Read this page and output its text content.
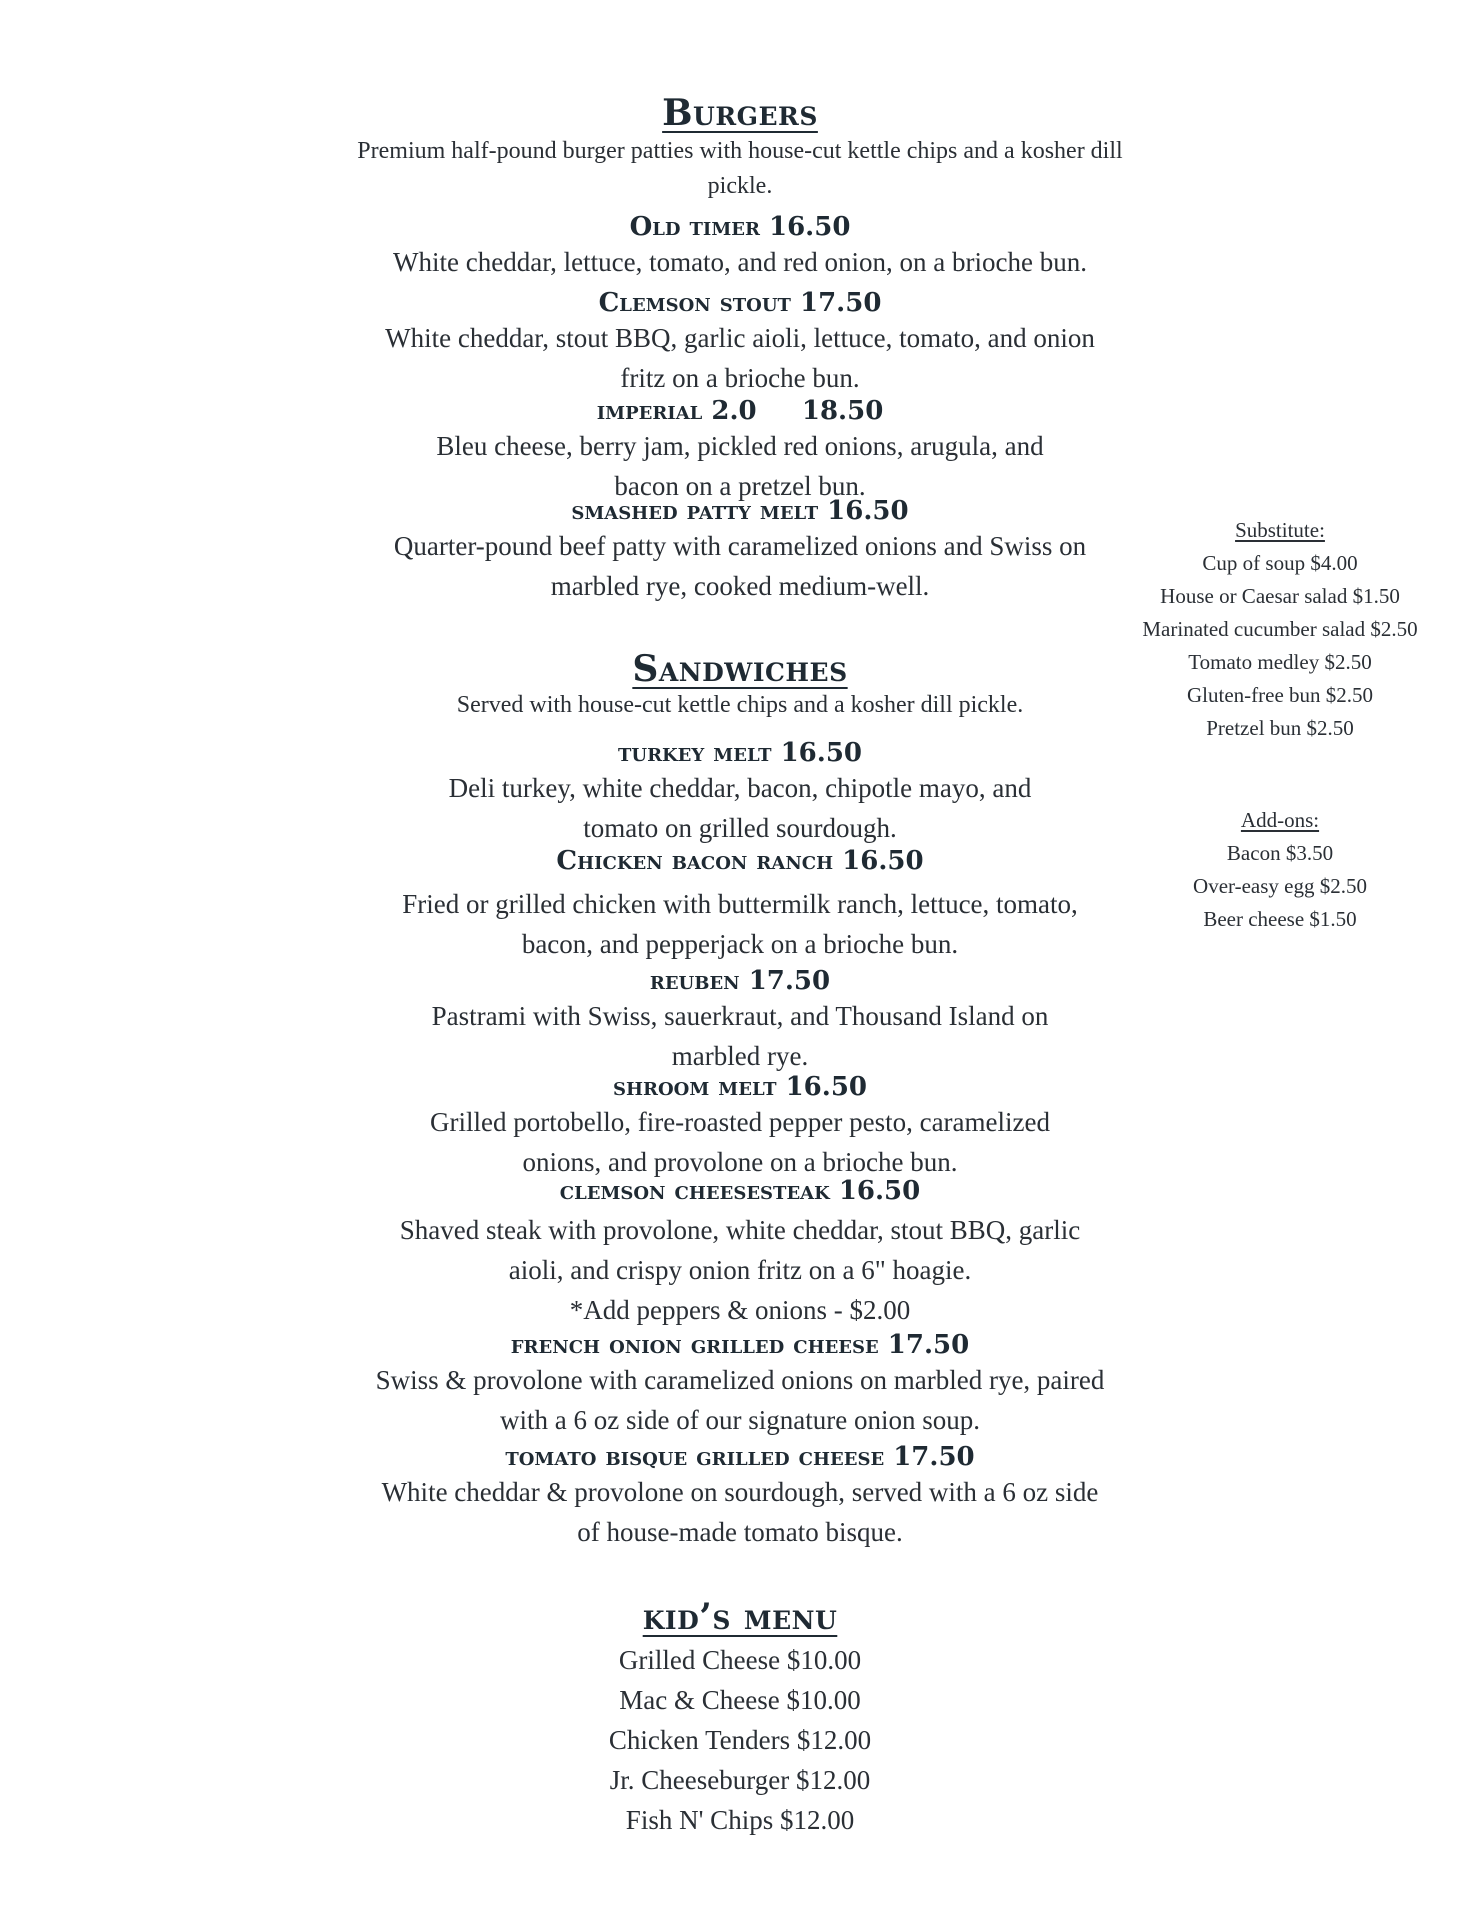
Burgers
Premium half-pound burger patties with house-cut kettle chips and a kosher dill pickle.
Old timer 16.50
White cheddar, lettuce, tomato, and red onion, on a brioche bun.
Clemson stout 17.50
White cheddar, stout BBQ, garlic aioli, lettuce, tomato, and onion fritz on a brioche bun.
imperial 2.0     18.50
Bleu cheese, berry jam, pickled red onions, arugula, and bacon on a pretzel bun.
smashed patty melt 16.50
Quarter-pound beef patty with caramelized onions and Swiss on marbled rye, cooked medium-well.
Sandwiches
Served with house-cut kettle chips and a kosher dill pickle.
turkey melt 16.50
Deli turkey, white cheddar, bacon, chipotle mayo, and tomato on grilled sourdough.
Chicken bacon ranch 16.50
Fried or grilled chicken with buttermilk ranch, lettuce, tomato, bacon, and pepperjack on a brioche bun.
reuben 17.50
Pastrami with Swiss, sauerkraut, and Thousand Island on marbled rye.
shroom melt 16.50
Grilled portobello, fire-roasted pepper pesto, caramelized onions, and provolone on a brioche bun.
clemson cheesesteak 16.50
Shaved steak with provolone, white cheddar, stout BBQ, garlic aioli, and crispy onion fritz on a 6" hoagie.
*Add peppers & onions - $2.00
french onion grilled cheese 17.50
Swiss & provolone with caramelized onions on marbled rye, paired with a 6 oz side of our signature onion soup.
tomato bisque grilled cheese 17.50
White cheddar & provolone on sourdough, served with a 6 oz side of house-made tomato bisque.
kid’s menu
Grilled Cheese $10.00
Mac & Cheese $10.00
Chicken Tenders $12.00
Jr. Cheeseburger $12.00
Fish N' Chips $12.00
Substitute:
Cup of soup $4.00
House or Caesar salad $1.50
Marinated cucumber salad $2.50
Tomato medley $2.50
Gluten-free bun $2.50
Pretzel bun $2.50
Add-ons:
Bacon $3.50
Over-easy egg $2.50
Beer cheese $1.50
